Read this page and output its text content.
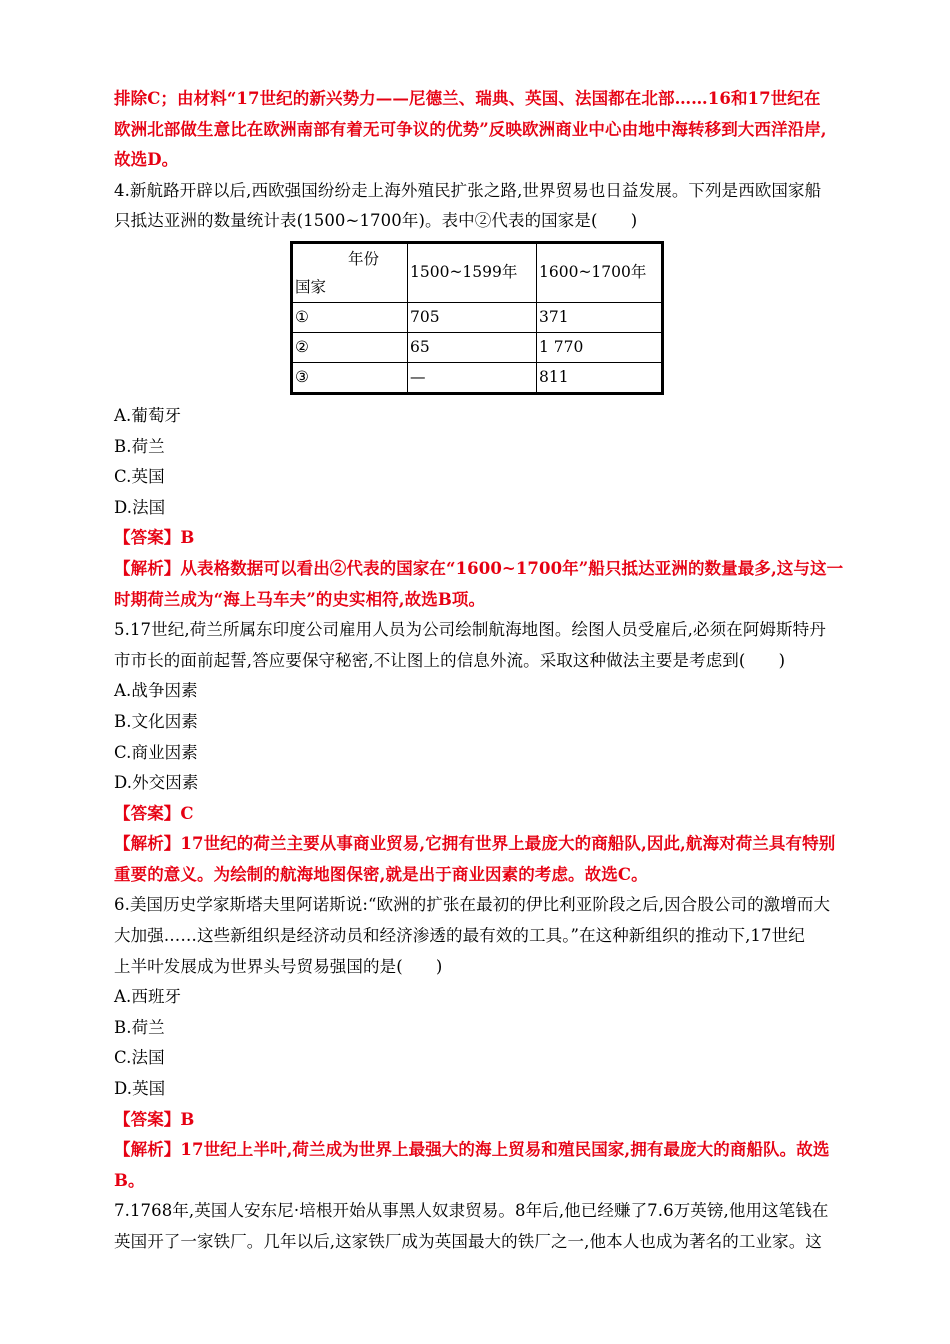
排除C；由材料“17世纪的新兴势力——尼德兰、瑞典、英国、法国都在北部……16和17世纪在
欧洲北部做生意比在欧洲南部有着无可争议的优势”反映欧洲商业中心由地中海转移到大西洋沿岸,
故选D。
4.新航路开辟以后,西欧强国纷纷走上海外殖民扩张之路,世界贸易也日益发展。下列是西欧国家船
只抵达亚洲的数量统计表(1500~1700年)。表中②代表的国家是(　　)
年份
国家	1500~1599年	1600~1700年
①	705	371
②	65	1 770
③	—	811
A.葡萄牙
B.荷兰
C.英国
D.法国
【答案】B
【解析】从表格数据可以看出②代表的国家在“1600~1700年”船只抵达亚洲的数量最多,这与这一
时期荷兰成为“海上马车夫”的史实相符,故选B项。
5.17世纪,荷兰所属东印度公司雇用人员为公司绘制航海地图。绘图人员受雇后,必须在阿姆斯特丹
市市长的面前起誓,答应要保守秘密,不让图上的信息外流。采取这种做法主要是考虑到(　　)
A.战争因素
B.文化因素
C.商业因素
D.外交因素
【答案】C
【解析】17世纪的荷兰主要从事商业贸易,它拥有世界上最庞大的商船队,因此,航海对荷兰具有特别
重要的意义。为绘制的航海地图保密,就是出于商业因素的考虑。故选C。
6.美国历史学家斯塔夫里阿诺斯说:“欧洲的扩张在最初的伊比利亚阶段之后,因合股公司的激增而大
大加强……这些新组织是经济动员和经济渗透的最有效的工具。”在这种新组织的推动下,17世纪
上半叶发展成为世界头号贸易强国的是(　　)
A.西班牙
B.荷兰
C.法国
D.英国
【答案】B
【解析】17世纪上半叶,荷兰成为世界上最强大的海上贸易和殖民国家,拥有最庞大的商船队。故选
B。
7.1768年,英国人安东尼·培根开始从事黑人奴隶贸易。8年后,他已经赚了7.6万英镑,他用这笔钱在
英国开了一家铁厂。几年以后,这家铁厂成为英国最大的铁厂之一,他本人也成为著名的工业家。这
